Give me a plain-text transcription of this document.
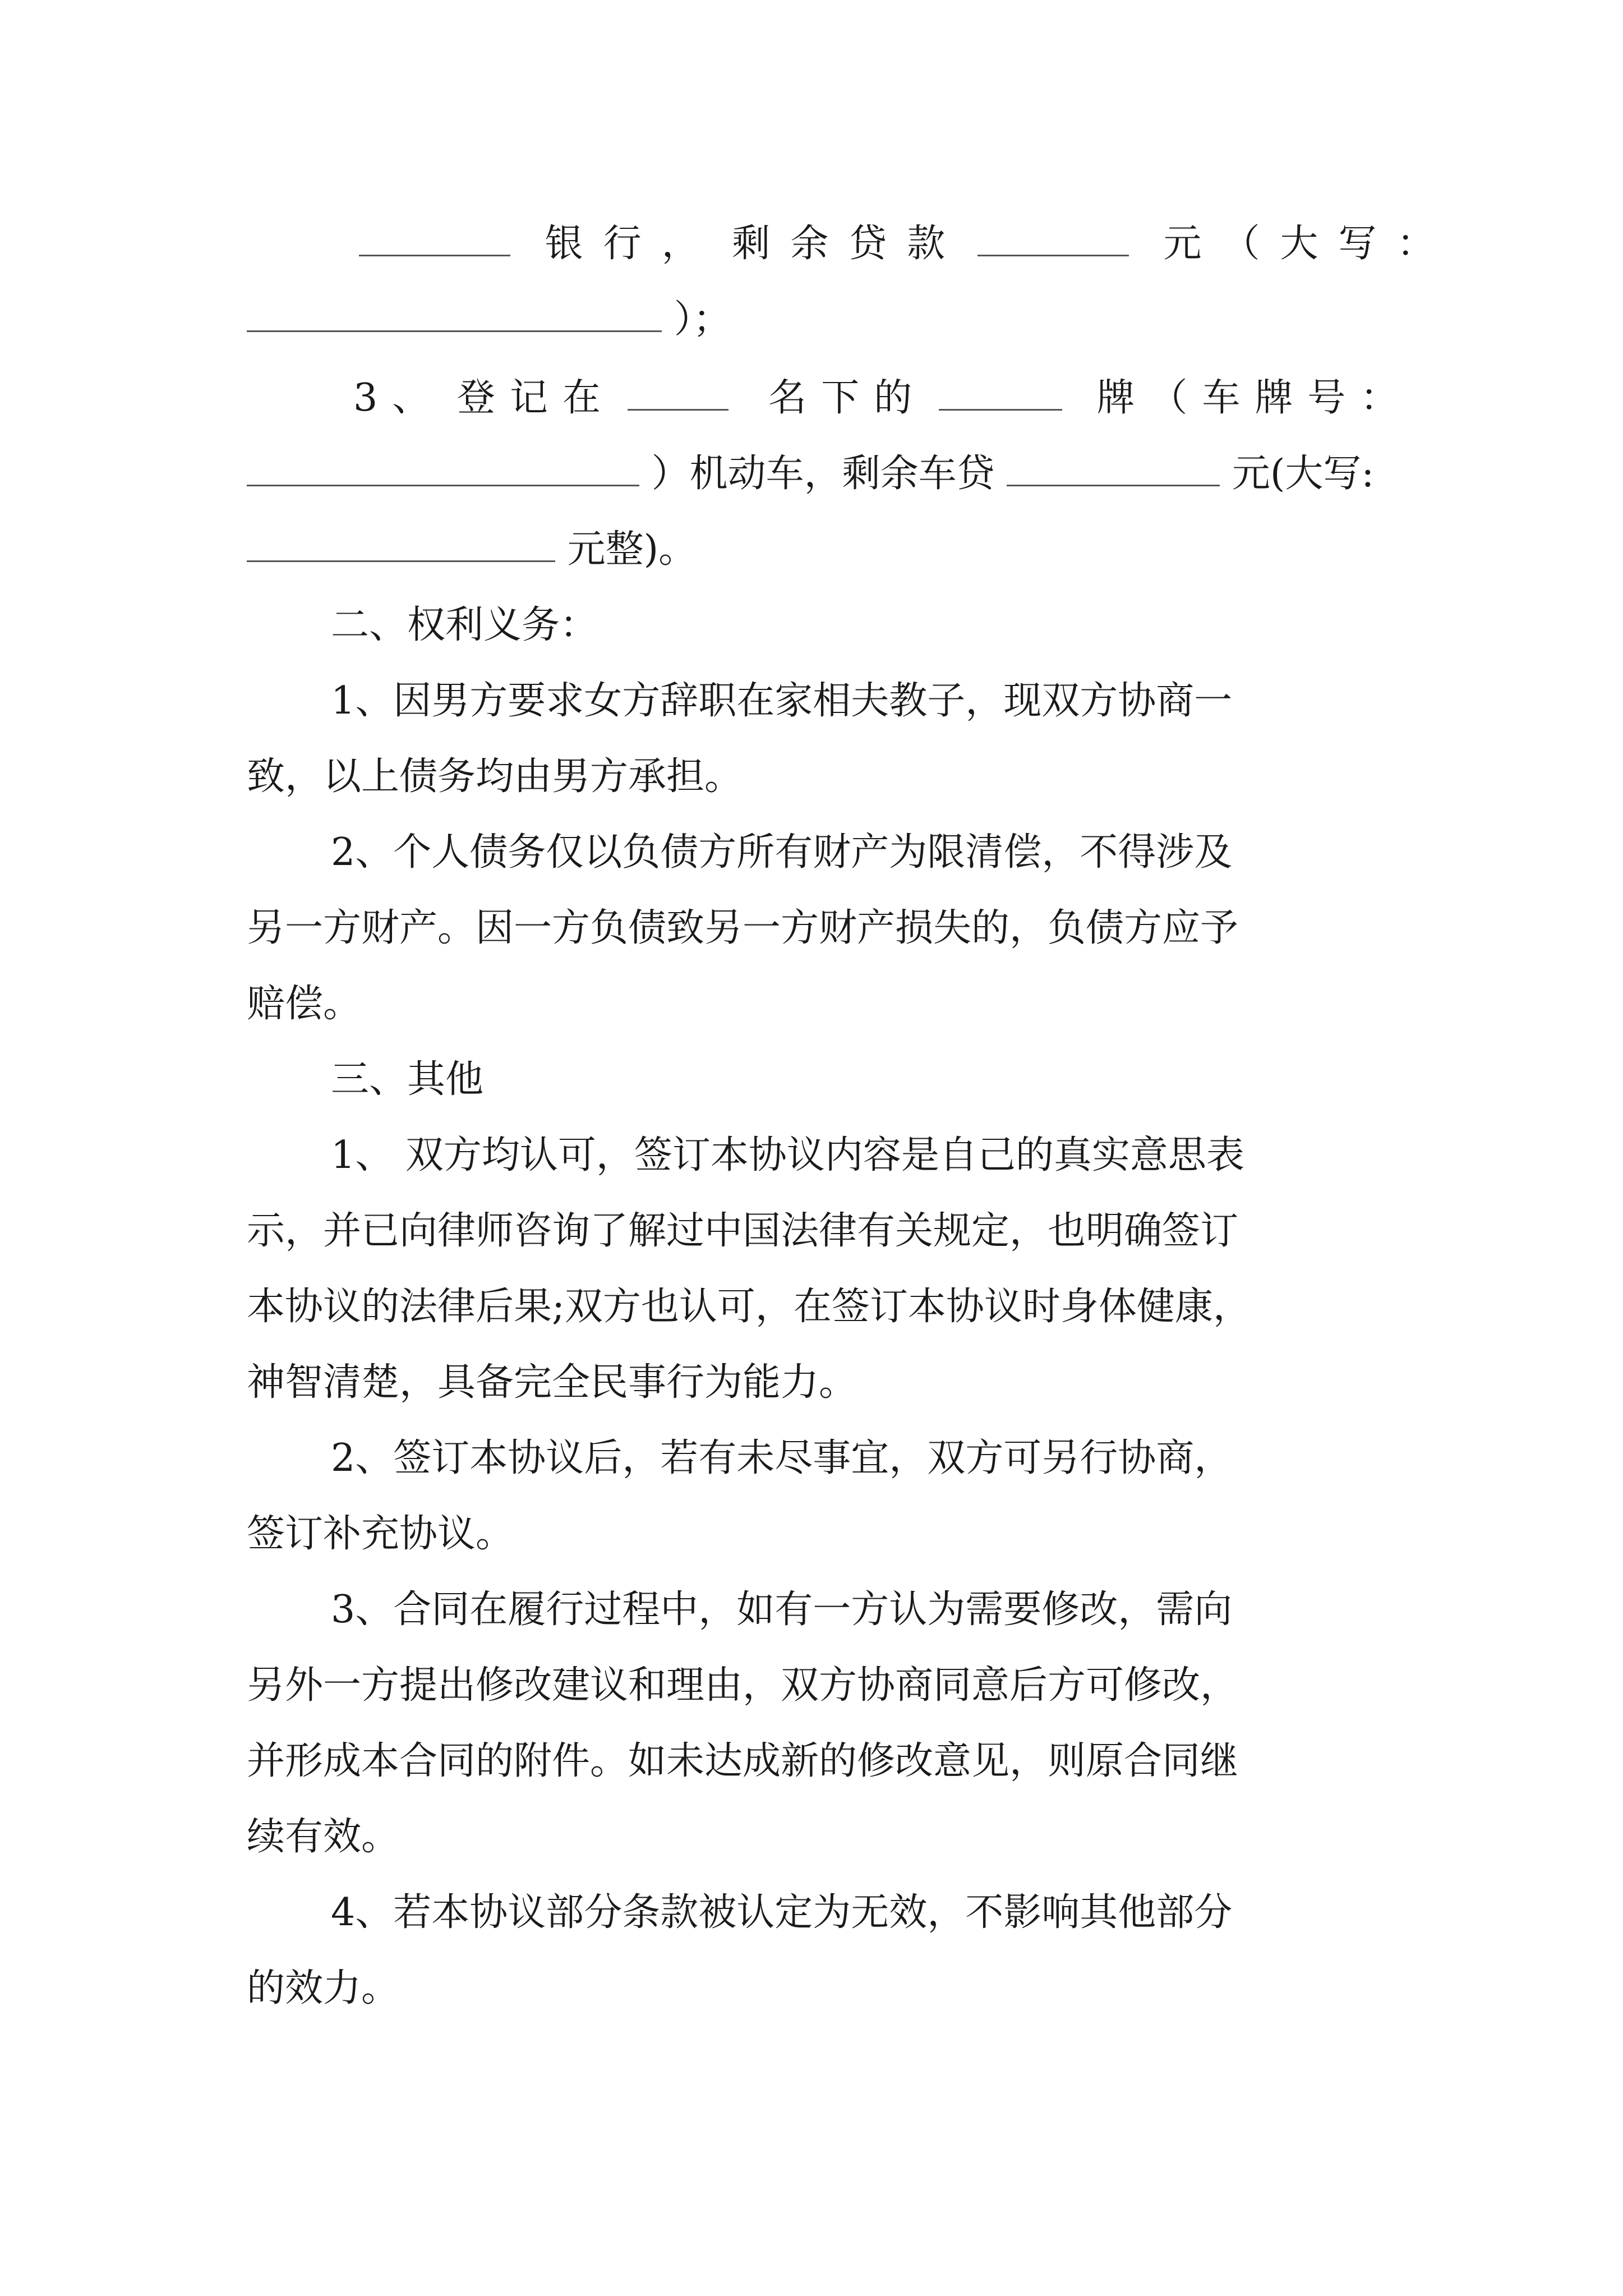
银行， 剩余贷款	元（大写：
）；
3、 登记在	名下的	牌（车牌号：
）机动车，剩余车贷	元(大写:
元整)。
二、权利义务：
1、因男方要求女方辞职在家相夫教子，现双方协商一
致，以上债务均由男方承担。
2、个人债务仅以负债方所有财产为限清偿，不得涉及
另一方财产。因一方负债致另一方财产损失的，负债方应予
赔偿。
三、其他
1、 双方均认可，签订本协议内容是自己的真实意思表
示，并已向律师咨询了解过中国法律有关规定，也明确签订
本协议的法律后果;双方也认可，在签订本协议时身体健康，
神智清楚，具备完全民事行为能力。
2、签订本协议后，若有未尽事宜，双方可另行协商，
签订补充协议。
3、合同在履行过程中，如有一方认为需要修改，需向
另外一方提出修改建议和理由，双方协商同意后方可修改，
并形成本合同的附件。如未达成新的修改意见，则原合同继
续有效。
4、若本协议部分条款被认定为无效，不影响其他部分
的效力。
